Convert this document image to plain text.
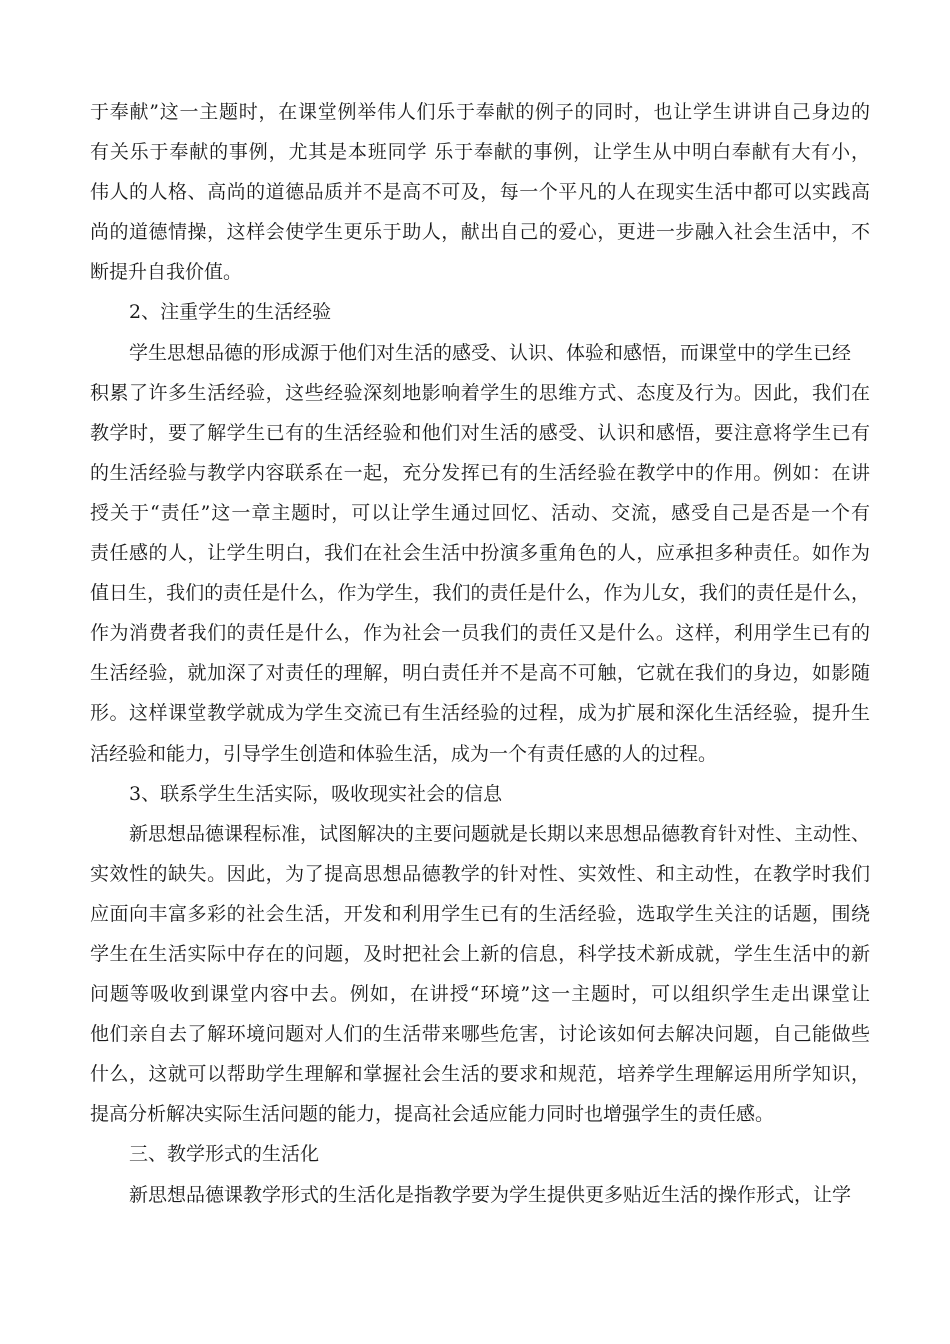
于奉献”这一主题时，在课堂例举伟人们乐于奉献的例子的同时，也让学生讲讲自己身边的
有关乐于奉献的事例，尤其是本班同学 乐于奉献的事例，让学生从中明白奉献有大有小，
伟人的人格、高尚的道德品质并不是高不可及，每一个平凡的人在现实生活中都可以实践高
尚的道德情操，这样会使学生更乐于助人，献出自己的爱心，更进一步融入社会生活中，不
断提升自我价值。
2、注重学生的生活经验
学生思想品德的形成源于他们对生活的感受、认识、体验和感悟，而课堂中的学生已经
积累了许多生活经验，这些经验深刻地影响着学生的思维方式、态度及行为。因此，我们在
教学时，要了解学生已有的生活经验和他们对生活的感受、认识和感悟，要注意将学生已有
的生活经验与教学内容联系在一起，充分发挥已有的生活经验在教学中的作用。例如：在讲
授关于“责任”这一章主题时，可以让学生通过回忆、活动、交流，感受自己是否是一个有
责任感的人，让学生明白，我们在社会生活中扮演多重角色的人，应承担多种责任。如作为
值日生，我们的责任是什么，作为学生，我们的责任是什么，作为儿女，我们的责任是什么，
作为消费者我们的责任是什么，作为社会一员我们的责任又是什么。这样，利用学生已有的
生活经验，就加深了对责任的理解，明白责任并不是高不可触，它就在我们的身边，如影随
形。这样课堂教学就成为学生交流已有生活经验的过程，成为扩展和深化生活经验，提升生
活经验和能力，引导学生创造和体验生活，成为一个有责任感的人的过程。
3、联系学生生活实际，吸收现实社会的信息
新思想品德课程标准，试图解决的主要问题就是长期以来思想品德教育针对性、主动性、
实效性的缺失。因此，为了提高思想品德教学的针对性、实效性、和主动性，在教学时我们
应面向丰富多彩的社会生活，开发和利用学生已有的生活经验，选取学生关注的话题，围绕
学生在生活实际中存在的问题，及时把社会上新的信息，科学技术新成就，学生生活中的新
问题等吸收到课堂内容中去。例如，在讲授“环境”这一主题时，可以组织学生走出课堂让
他们亲自去了解环境问题对人们的生活带来哪些危害，讨论该如何去解决问题，自己能做些
什么，这就可以帮助学生理解和掌握社会生活的要求和规范，培养学生理解运用所学知识，
提高分析解决实际生活问题的能力，提高社会适应能力同时也增强学生的责任感。
三、教学形式的生活化
新思想品德课教学形式的生活化是指教学要为学生提供更多贴近生活的操作形式，让学
